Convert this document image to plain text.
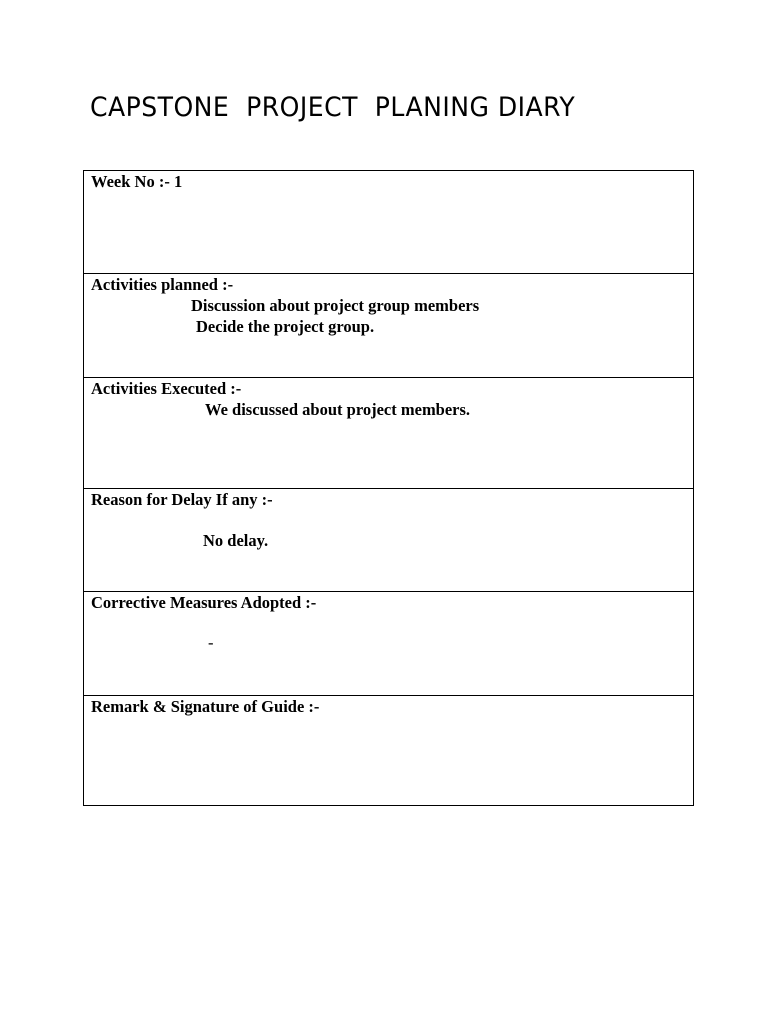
CAPSTONE  PROJECT  PLANING DIARY
Week No :- 1
Activities planned :-
Discussion about project group members
Decide the project group.
Activities Executed :-
We discussed about project members.
Reason for Delay If any :-
No delay.
Corrective Measures Adopted :-
-
Remark & Signature of Guide :-
